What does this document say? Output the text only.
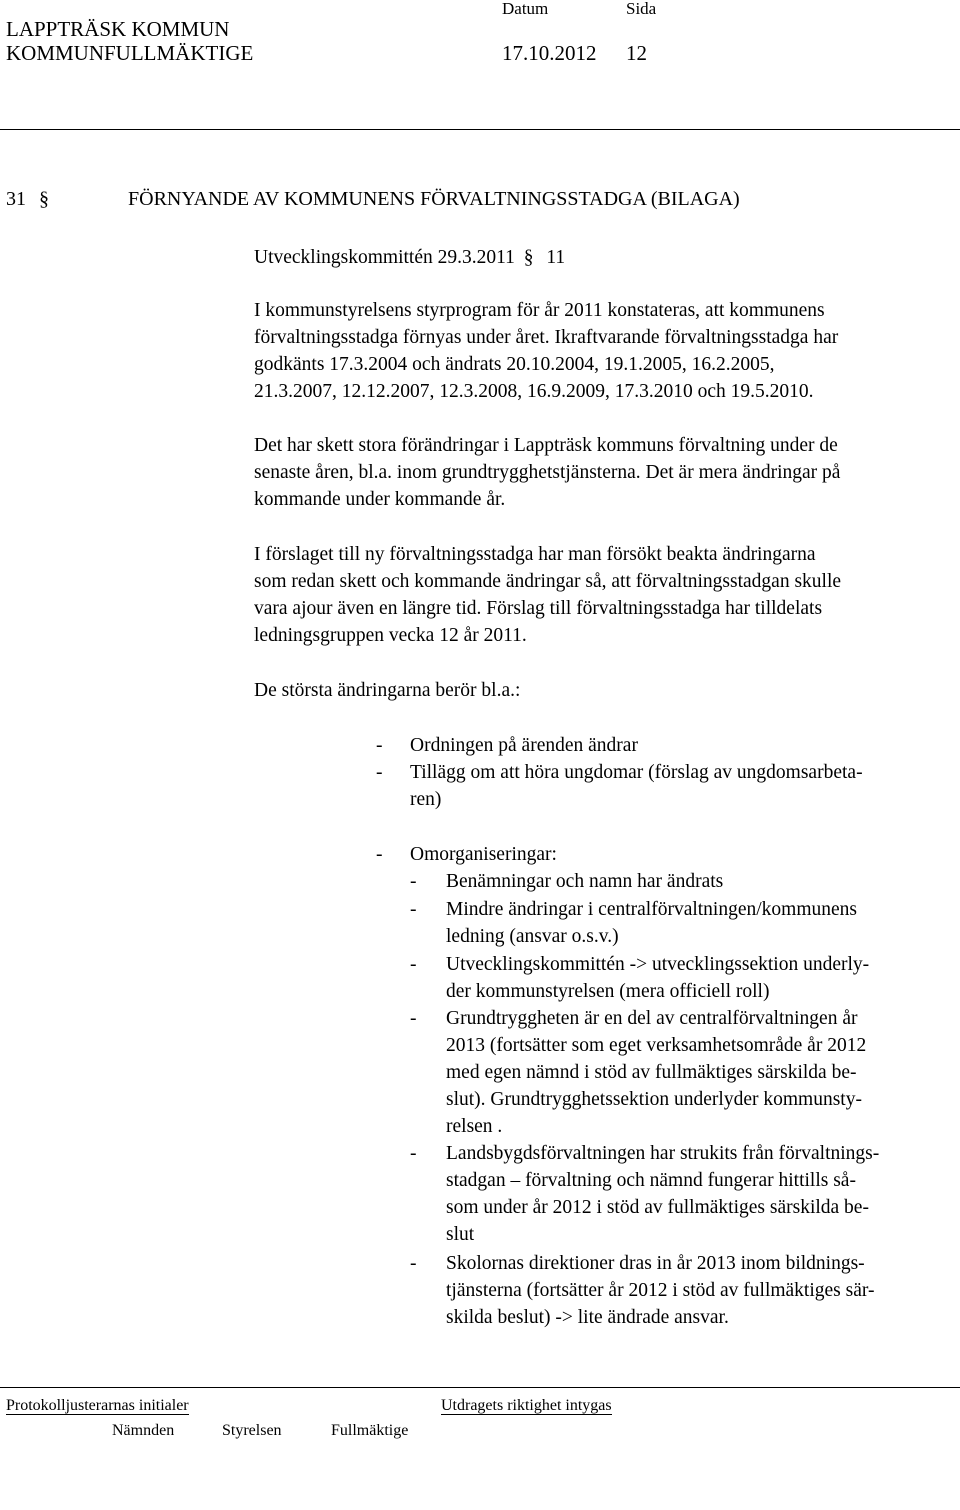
LAPPTRÄSK KOMMUN
KOMMUNFULLMÄKTIGE
Datum	Sida
17.10.2012 12
31 §	FÖRNYANDE AV KOMMUNENS FÖRVALTNINGSSTADGA (BILAGA)
Utvecklingskommittén 29.3.2011 § 11
I kommunstyrelsens styrprogram för år 2011 konstateras, att kommunens
förvaltningsstadga förnyas under året. Ikraftvarande förvaltningsstadga har
godkänts 17.3.2004 och ändrats 20.10.2004, 19.1.2005, 16.2.2005,
21.3.2007, 12.12.2007, 12.3.2008, 16.9.2009, 17.3.2010 och 19.5.2010.
Det har skett stora förändringar i Lappträsk kommuns förvaltning under de
senaste åren, bl.a. inom grundtrygghetstjänsterna. Det är mera ändringar på
kommande under kommande år.
I förslaget till ny förvaltningsstadga har man försökt beakta ändringarna
som redan skett och kommande ändringar så, att förvaltningsstadgan skulle
vara ajour även en längre tid. Förslag till förvaltningsstadga har tilldelats
ledningsgruppen vecka 12 år 2011.
De största ändringarna berör bl.a.:
- Ordningen på ärenden ändrar
- Tillägg om att höra ungdomar (förslag av ungdomsarbeta-
ren)
- Omorganiseringar:
- Benämningar och namn har ändrats
- Mindre ändringar i centralförvaltningen/kommunens
ledning (ansvar o.s.v.)
- Utvecklingskommittén -> utvecklingssektion underly-
der kommunstyrelsen (mera officiell roll)
- Grundtryggheten är en del av centralförvaltningen år
2013 (fortsätter som eget verksamhetsområde år 2012
med egen nämnd i stöd av fullmäktiges särskilda be-
slut). Grundtrygghetssektion underlyder kommunsty-
relsen .
- Landsbygdsförvaltningen har strukits från förvaltnings-
stadgan – förvaltning och nämnd fungerar hittills så-
som under år 2012 i stöd av fullmäktiges särskilda be-
slut
- Skolornas direktioner dras in år 2013 inom bildnings-
tjänsterna (fortsätter år 2012 i stöd av fullmäktiges sär-
skilda beslut) -> lite ändrade ansvar.
Protokolljusterarnas initialer	Utdragets riktighet intygas
Nämnden	Styrelsen	Fullmäktige
